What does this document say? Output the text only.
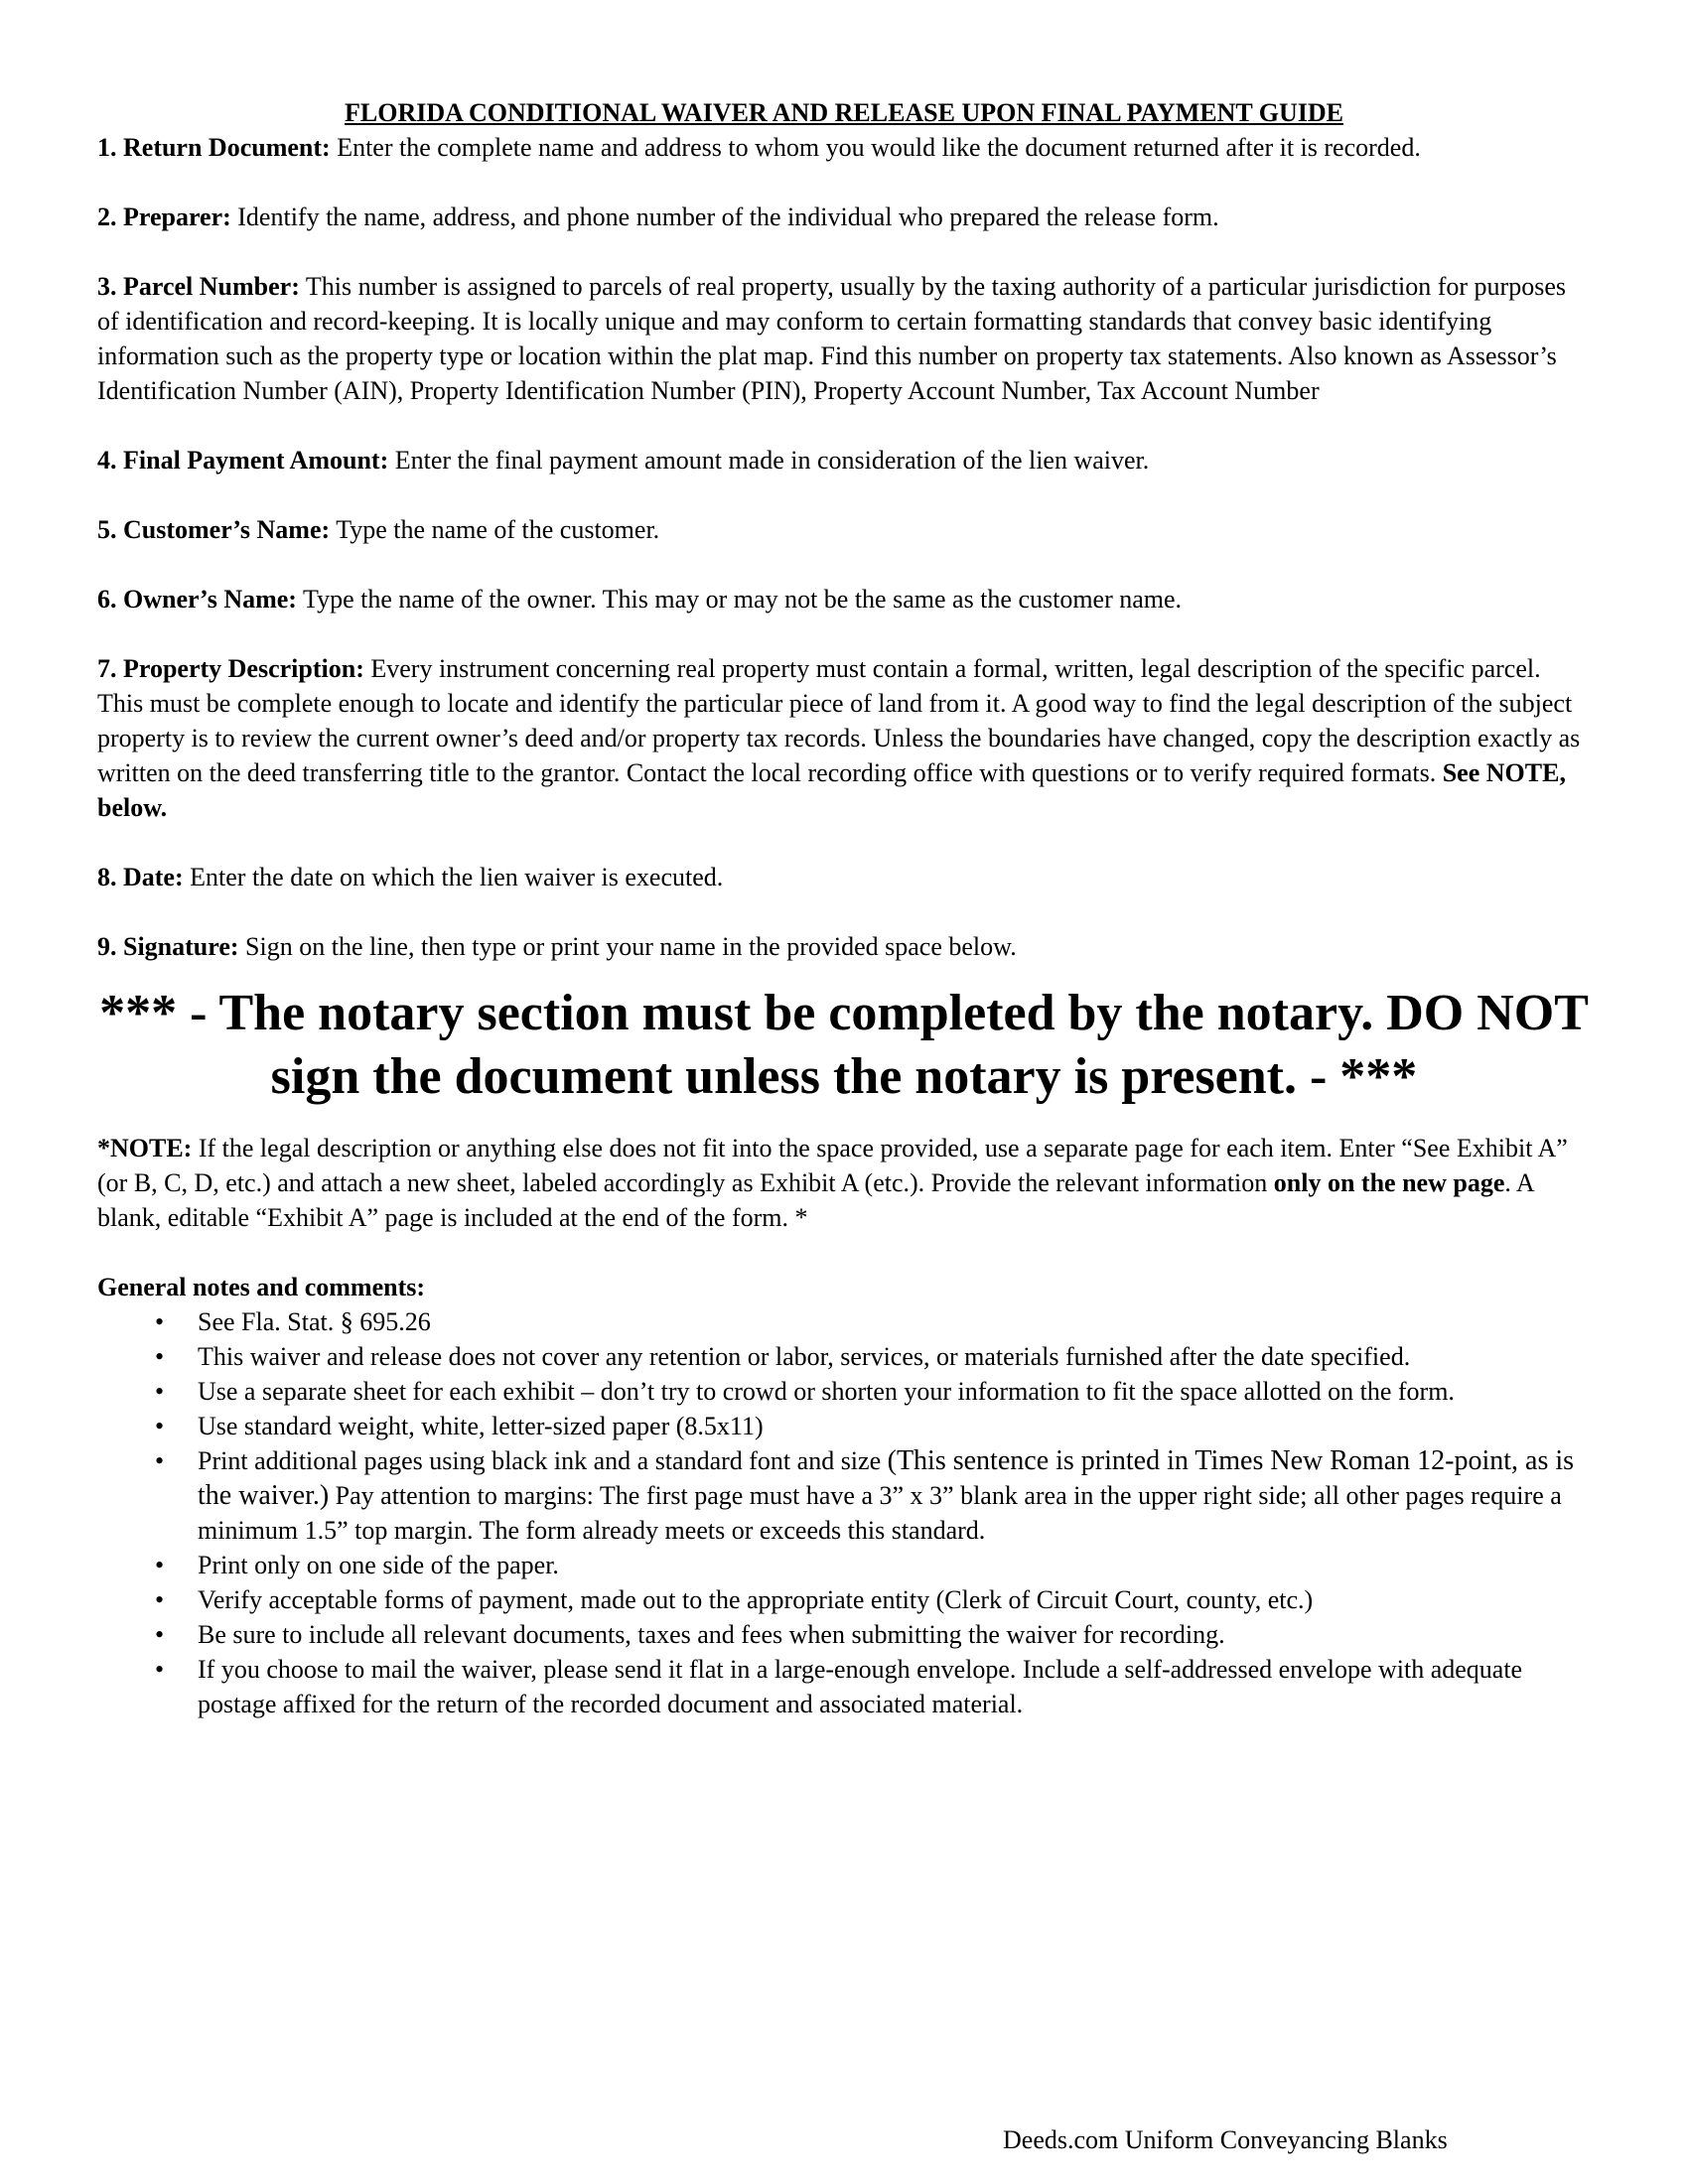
FLORIDA CONDITIONAL WAIVER AND RELEASE UPON FINAL PAYMENT GUIDE

1. Return Document: Enter the complete name and address to whom you would like the document returned after it is recorded.

2. Preparer: Identify the name, address, and phone number of the individual who prepared the release form.

3. Parcel Number: This number is assigned to parcels of real property, usually by the taxing authority of a particular jurisdiction for purposes of identification and record-keeping. It is locally unique and may conform to certain formatting standards that convey basic identifying information such as the property type or location within the plat map. Find this number on property tax statements. Also known as Assessor’s Identification Number (AIN), Property Identification Number (PIN), Property Account Number, Tax Account Number

4. Final Payment Amount: Enter the final payment amount made in consideration of the lien waiver.

5. Customer’s Name: Type the name of the customer.

6. Owner’s Name: Type the name of the owner. This may or may not be the same as the customer name.

7. Property Description: Every instrument concerning real property must contain a formal, written, legal description of the specific parcel. This must be complete enough to locate and identify the particular piece of land from it. A good way to find the legal description of the subject property is to review the current owner’s deed and/or property tax records. Unless the boundaries have changed, copy the description exactly as written on the deed transferring title to the grantor. Contact the local recording office with questions or to verify required formats. See NOTE, below.

8. Date: Enter the date on which the lien waiver is executed.

9. Signature: Sign on the line, then type or print your name in the provided space below.

*** - The notary section must be completed by the notary. DO NOT sign the document unless the notary is present. - ***

*NOTE: If the legal description or anything else does not fit into the space provided, use a separate page for each item. Enter “See Exhibit A” (or B, C, D, etc.) and attach a new sheet, labeled accordingly as Exhibit A (etc.). Provide the relevant information only on the new page. A blank, editable “Exhibit A” page is included at the end of the form. *

General notes and comments:

• See Fla. Stat. § 695.26
• This waiver and release does not cover any retention or labor, services, or materials furnished after the date specified.
• Use a separate sheet for each exhibit – don’t try to crowd or shorten your information to fit the space allotted on the form.
• Use standard weight, white, letter-sized paper (8.5x11)
• Print additional pages using black ink and a standard font and size (This sentence is printed in Times New Roman 12-point, as is the waiver.) Pay attention to margins: The first page must have a 3” x 3” blank area in the upper right side; all other pages require a minimum 1.5” top margin. The form already meets or exceeds this standard.
• Print only on one side of the paper.
• Verify acceptable forms of payment, made out to the appropriate entity (Clerk of Circuit Court, county, etc.)
• Be sure to include all relevant documents, taxes and fees when submitting the waiver for recording.
• If you choose to mail the waiver, please send it flat in a large-enough envelope. Include a self-addressed envelope with adequate postage affixed for the return of the recorded document and associated material.
Deeds.com Uniform Conveyancing Blanks
